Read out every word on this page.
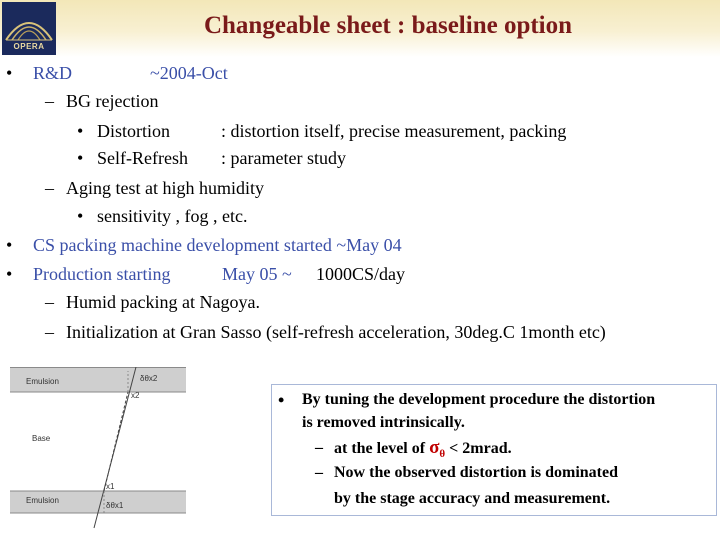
OPERA
Changeable sheet : baseline option
• R&D	~2004-Oct
– BG rejection
• Distortion	: distortion itself, precise measurement, packing
• Self-Refresh : parameter study
– Aging test at high humidity
• sensitivity , fog , etc.
• CS packing machine development started ~May 04
• Production starting	May 05 ~ 1000CS/day
– Humid packing at Nagoya.
– Initialization at Gran Sasso (self-refresh acceleration, 30deg.C 1month etc)
Emulsion
Base
Emulsion
δθx2
x2
x1
δθx1
• By tuning the development procedure the distortion
is removed intrinsically.
– at the level of $\sigma_\theta$ < 2mrad.
– Now the observed distortion is dominated
by the stage accuracy and measurement.
